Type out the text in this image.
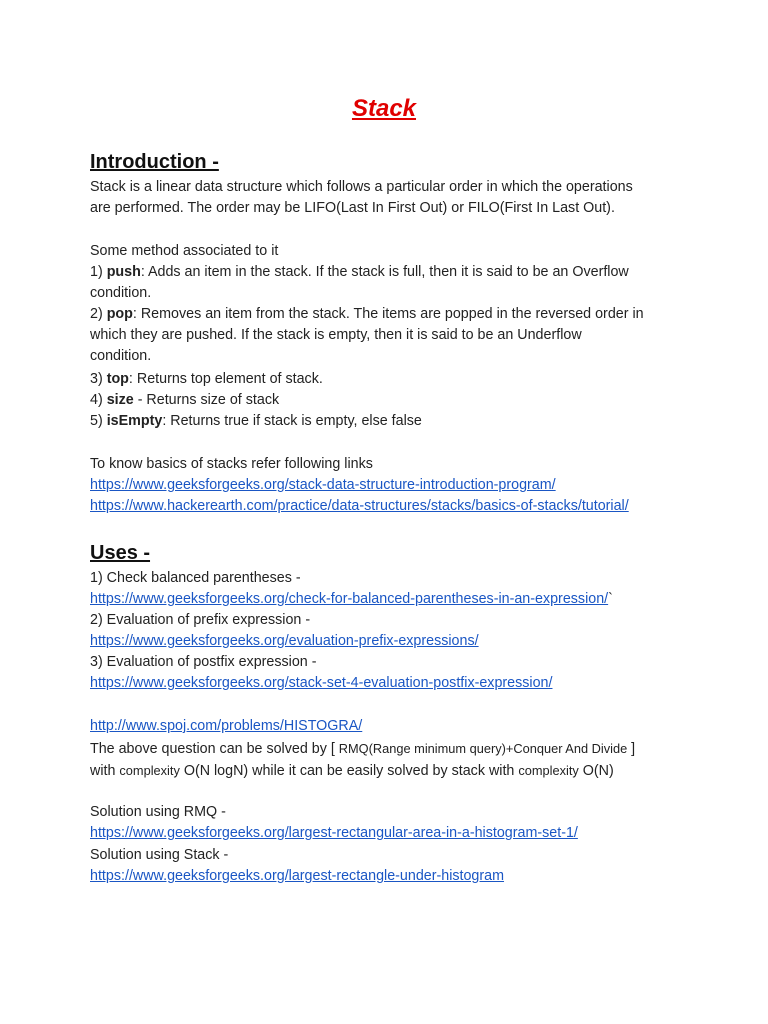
Stack
Introduction -
Stack is a linear data structure which follows a particular order in which the operations
are performed. The order may be LIFO(Last In First Out) or FILO(First In Last Out).
Some method associated to it
1) push: Adds an item in the stack. If the stack is full, then it is said to be an Overflow
condition.
2) pop: Removes an item from the stack. The items are popped in the reversed order in
which they are pushed. If the stack is empty, then it is said to be an Underflow
condition.
3) top: Returns top element of stack.
4) size - Returns size of stack
5) isEmpty: Returns true if stack is empty, else false
To know basics of stacks refer following links
https://www.geeksforgeeks.org/stack-data-structure-introduction-program/
https://www.hackerearth.com/practice/data-structures/stacks/basics-of-stacks/tutorial/
Uses -
1) Check balanced parentheses -
https://www.geeksforgeeks.org/check-for-balanced-parentheses-in-an-expression/`
2) Evaluation of prefix expression -
https://www.geeksforgeeks.org/evaluation-prefix-expressions/
3) Evaluation of postfix expression -
https://www.geeksforgeeks.org/stack-set-4-evaluation-postfix-expression/
http://www.spoj.com/problems/HISTOGRA/
The above question can be solved by [ RMQ(Range minimum query)+Conquer And Divide ]
with complexity O(N logN) while it can be easily solved by stack with complexity O(N)
Solution using RMQ -
https://www.geeksforgeeks.org/largest-rectangular-area-in-a-histogram-set-1/
Solution using Stack -
https://www.geeksforgeeks.org/largest-rectangle-under-histogram
